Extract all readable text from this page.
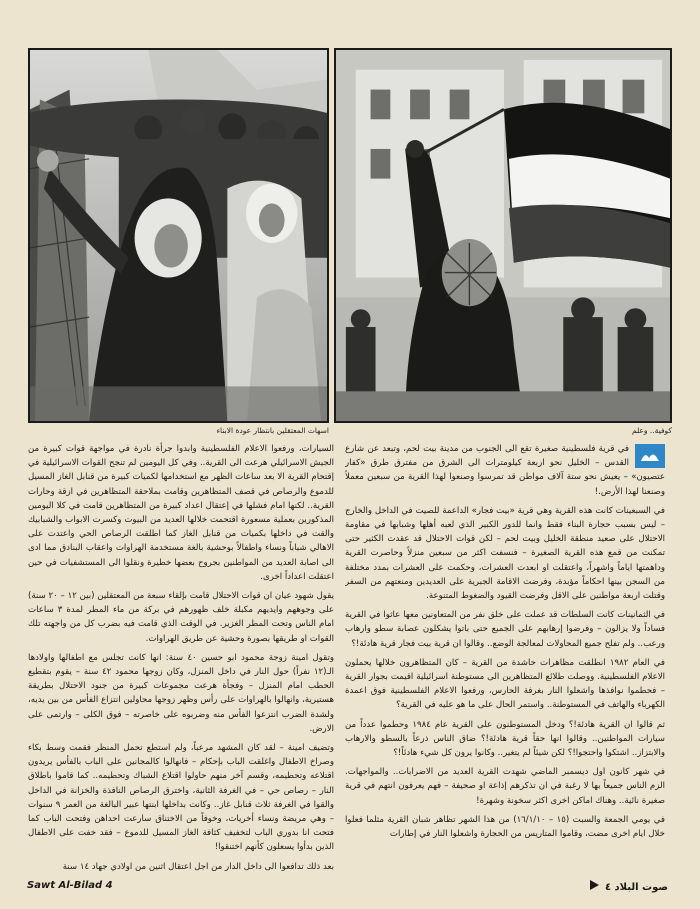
اسهات المعتقلين بانتظار عودة الابناء	كوفية.. وعلم

في قرية فلسطينية صغيرة تقع الى الجنوب من مدينة بيت لحم، وتبعد عن شارع القدس – الخليل نحو اربعة كيلومترات الى الشرق من مفترق طرق «كفار عتصيون» – يعيش نحو ستة آلاف مواطن قد تمرسوا وصنعوا لهذا القرية من سبعين معملاً وصنعنا لهذا الأرض.!

في السبعينات كانت هذه القرية وهي قرية «بيت فجار» الداعمة للصيت في الداخل والخارج – ليس بسبب حجارة البناء فقط وانما للدور الكبير الذي لعبه أهلها وشبابها في مقاومة الاحتلال على صعيد منطقة الخليل وبيت لحم – لكن قوات الاحتلال قد عقدت الكثير حتى تمكنت من قمع هذه القرية الصغيرة – فنسفت اكثر من سبعين منزلاً وحاصرت القرية وداهمتها اياماً واشهراً، واعتقلت او ابعدت العشرات، وحكمت على العشرات بمدد مختلفة من السجن بينها احكاماً مؤبدة، وفرضت الاقامة الجبرية على العديدين ومنعتهم من السفر وقتلت اربعة مواطنين على الاقل وفرضت القيود والضغوط المتنوعة.

في الثمانينات كانت السلطات قد عملت على خلق نفر من المتعاونين معها عاثوا في القرية فساداً ولا يزالون – وفرضوا إرهابهم على الجميع حتى باتوا يشكلون عصابة سطو وارهاب ورعب.. ولم تفلح جميع المحاولات لمعالجة الوضع.. وقالوا ان قرية بيت فجار قرية هادئة!؟

في العام ١٩٨٢ انطلقت مظاهرات حاشدة من القرية – كان المتظاهرون خلالها يحملون الاعلام الفلسطينية. ووصلت طلائع المتظاهرين الى مستوطنة اسرائيلية اقيمت بجوار القرية – فحطموا نوافذها واشعلوا النار بغرفة الحارس، ورفعوا الاعلام الفلسطينية فوق اعمدة الكهرباء والهاتف في المستوطنة.. واستمر الحال على ما هو عليه في القرية؟

ثم قالوا ان القرية هادئة!؟ ودخل المستوطنون على القرية عام ١٩٨٤ وحطموا عدداً من سيارات المواطنين.. وقالوا انها حقاً قرية هادئة!؟ ضاق الناس ذرعاً بالسطو والارهاب والابتزاز.. اشتكوا واحتجوا!؟ لكن شيئاً لم يتغير.. وكانوا يرون كل شيء هادئاً!؟

في شهر كانون اول ديسمبر الماضي شهدت القرية العديد من الاضرابات.. والمواجهات. الزم الناس جميعاً بها لا رغبة في ان تذكرهم إذاعة او صحيفة – فهم يعرفون انتهم في قرية صغيرة نائية.. وهناك اماكن اخرى اكثر سخونة وشهرة!

في يومي الجمعة والسبت (١٥ – ١٦/١/١٠) من هذا الشهر تظاهر شبان القرية مثلما فعلوا خلال ايام اخرى مضت، وقاموا المتاريس من الحجارة واشعلوا النار في إطارات

السيارات، ورفعوا الاعلام الفلسطينية وابدوا جرأة نادرة في مواجهة قوات كبيرة من الجيش الاسرائيلي هرعت الى القرية.. وفي كل اليومين لم تنجح القوات الاسرائيلية في إقتحام القرية الا بعد ساعات الظهر مع استخدامها لكميات كبيرة من قنابل الغاز المسيل للدموع والرصاص في قصف المتظاهرين وقامت بملاحقة المتظاهرين في ازقة وحارات القرية.. لكنها امام فشلها في إعتقال اعداد كبيرة من المتظاهرين قامت في كلا اليومين المذكورين بعملية مسعورة اقتحمت خلالها العديد من البيوت وكسرت الابواب والشبابيك والقت في داخلها بكميات من قنابل الغاز كما اطلقت الرصاص الحي واعتدت على الاهالي شباباً ونساء واطفالاً بوحشية بالغة مستخدمة الهراوات واعقاب البنادق مما ادى الى اصابة العديد من المواطنين بجروح بعضها خطيرة ونقلوا الى المستشفيات في حين اعتقلت اعداداً اخرى.

يقول شهود عيان ان قوات الاحتلال قامت بإلقاء سبعة من المعتقلين (بين ١٢ – ٢٠ سنة) على وجوههم وايديهم مكبلة خلف ظهورهم في بركة من ماء المطر لمدة ٣ ساعات امام الناس وتحت المطر الغزير. في الوقت الذي قامت فيه بضرب كل من واجهته تلك القوات او طريقها بصورة وحشية عن طريق الهراوات.

وتقول امينة زوجة محمود ابو حسين ٤٠ سنة: انها كانت تجلس مع اطفالها واولادها الـ(١٢ نفراً) حول النار في داخل المنزل، وكان زوجها محمود ٤٢ سنة – يقوم بتقطيع الحطب امام المنزل – وفجأة هرعت مجموعات كبيرة من جنود الاحتلال بطريقة هستيرية، وانهالوا بالهراوات على رأس وظهر زوجها محاولين انتزاع الفأس من بين يديه، ولشدة الضرب انتزعوا الفأس منه وضربوه على خاصرته – فوق الكلى – وارتمى على الارض.

وتضيف امينة – لقد كان المشهد مرعباً، ولم استطع تحمل المنظر فقمت وسط بكاء وصراخ الاطفال واغلقت الباب بإحكام – فانهالوا كالمجانين على الباب بالفأس يريدون اقتلاعه وتحطيمه، وقسم آخر منهم حاولوا اقتلاع الشباك وتحطيمه.. كما قاموا باطلاق النار – رصاص حي – في الغرفة الثانية، واخترق الرصاص النافذة والخزانة في الداخل والقوا في الغرفة ثلاث قنابل غاز.. وكانت بداخلها ابنتها عبير البالغة من العمر ٩ سنوات – وهي مريضة ونساء أخريات، وخوفاً من الاختناق سارعت احداهن وفتحت الباب كما فتحت انا بدوري الباب لتخفيف كثافة الغاز المسيل للدموع – فقد خفت على الاطفال الذين بدأوا يسعلون كأنهم اختنقوا!

بعد ذلك تدافعوا الى داخل الدار من اجل اعتقال اثنين من اولادي جهاد ١٤ سنة

Sawt Al-Bilad 4	صوت البلاد ٤
